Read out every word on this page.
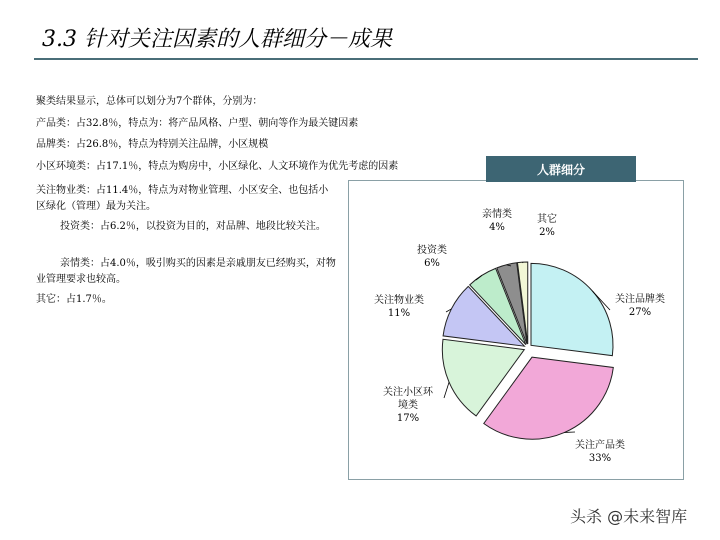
3.3 针对关注因素的人群细分－成果
聚类结果显示，总体可以划分为7个群体，分别为：
产品类：占32.8％，特点为：将产品风格、户型、朝向等作为最关键因素
品牌类：占26.8％，特点为特别关注品牌，小区规模
小区环境类：占17.1％，特点为购房中，小区绿化、人文环境作为优先考虑的因素
关注物业类：占11.4％，特点为对物业管理、小区安全、也包括小区绿化（管理）最为关注。
投资类：占6.2％，以投资为目的，对品牌、地段比较关注。
亲情类：占4.0％，吸引购买的因素是亲戚朋友已经购买，对物业管理要求也较高。
其它：占1.7％。
人群细分
关注品牌类 27%
关注产品类 33%
关注小区环境类 17%
关注物业类 11%
投资类 6%
亲情类 4%
其它 2%
头杀 @未来智库
